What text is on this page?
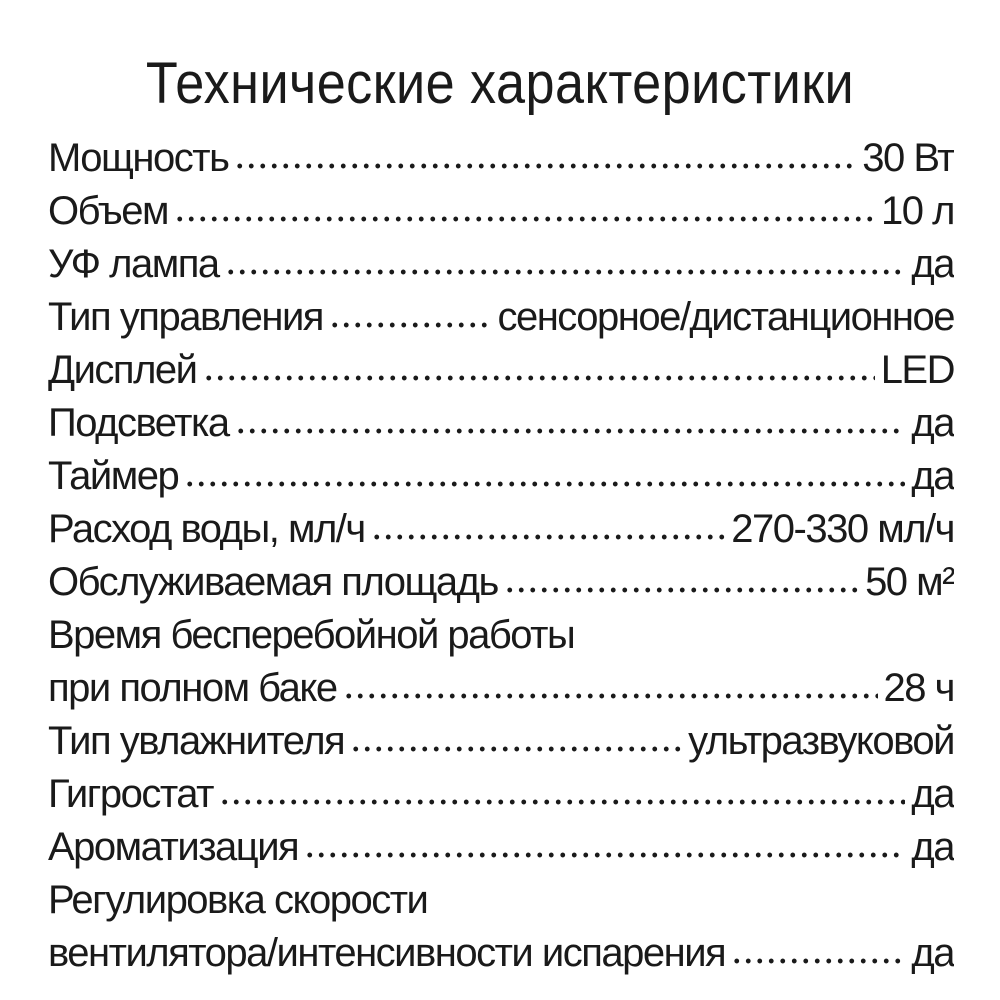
Технические характеристики
Мощность	30 Вт
Объем	10 л
УФ лампа	да
Тип управления	сенсорное/дистанционное
Дисплей	LED
Подсветка	да
Таймер	да
Расход воды, мл/ч	270-330 мл/ч
Обслуживаемая площадь	50 м²
Время бесперебойной работы
при полном баке	28 ч
Тип увлажнителя	ультразвуковой
Гигростат	да
Ароматизация	да
Регулировка скорости
вентилятора/интенсивности испарения	да
